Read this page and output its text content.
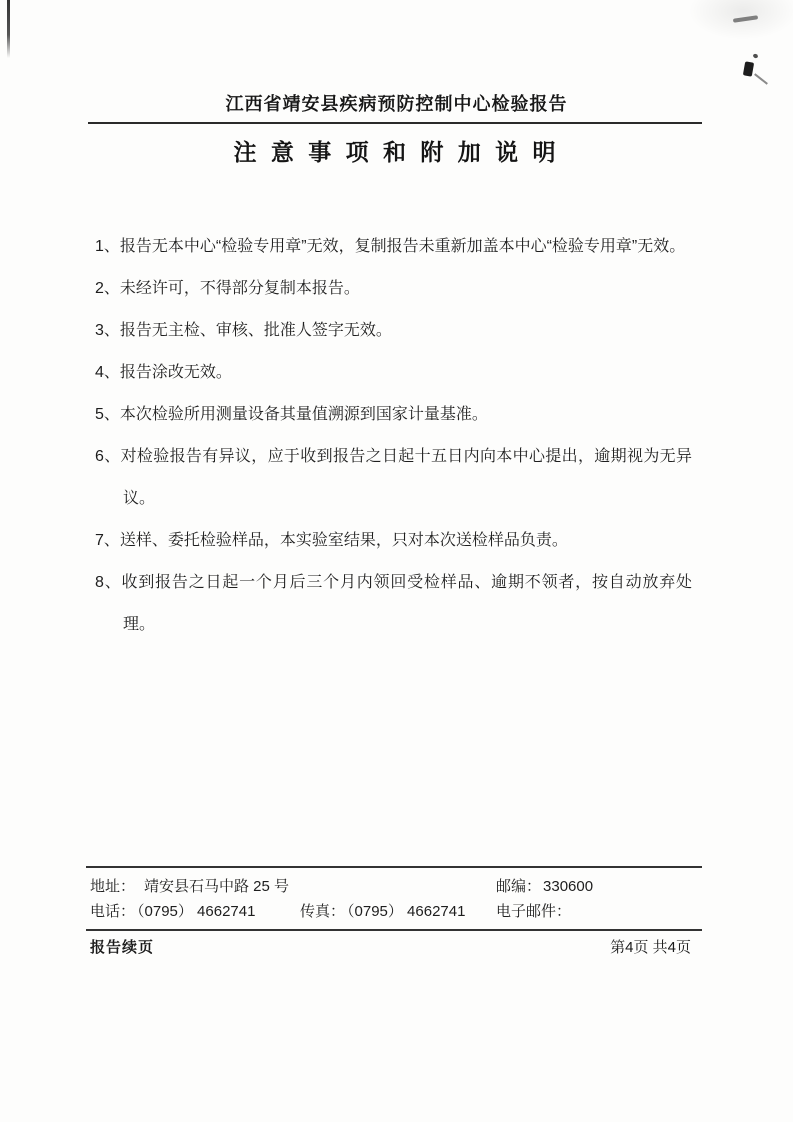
江西省靖安县疾病预防控制中心检验报告
注 意 事 项 和 附 加 说 明
1、报告无本中心“检验专用章”无效，复制报告未重新加盖本中心“检验专用章”无效。
2、未经许可，不得部分复制本报告。
3、报告无主检、审核、批准人签字无效。
4、报告涂改无效。
5、本次检验所用测量设备其量值溯源到国家计量基准。
6、对检验报告有异议，应于收到报告之日起十五日内向本中心提出，逾期视为无异议。
7、送样、委托检验样品，本实验室结果，只对本次送检样品负责。
8、收到报告之日起一个月后三个月内领回受检样品、逾期不领者，按自动放弃处理。
地址： 靖安县石马中路 25 号	邮编： 330600
电话： （0795） 4662741	传真： （0795） 4662741	电子邮件：
报告续页	第4页 共4页
